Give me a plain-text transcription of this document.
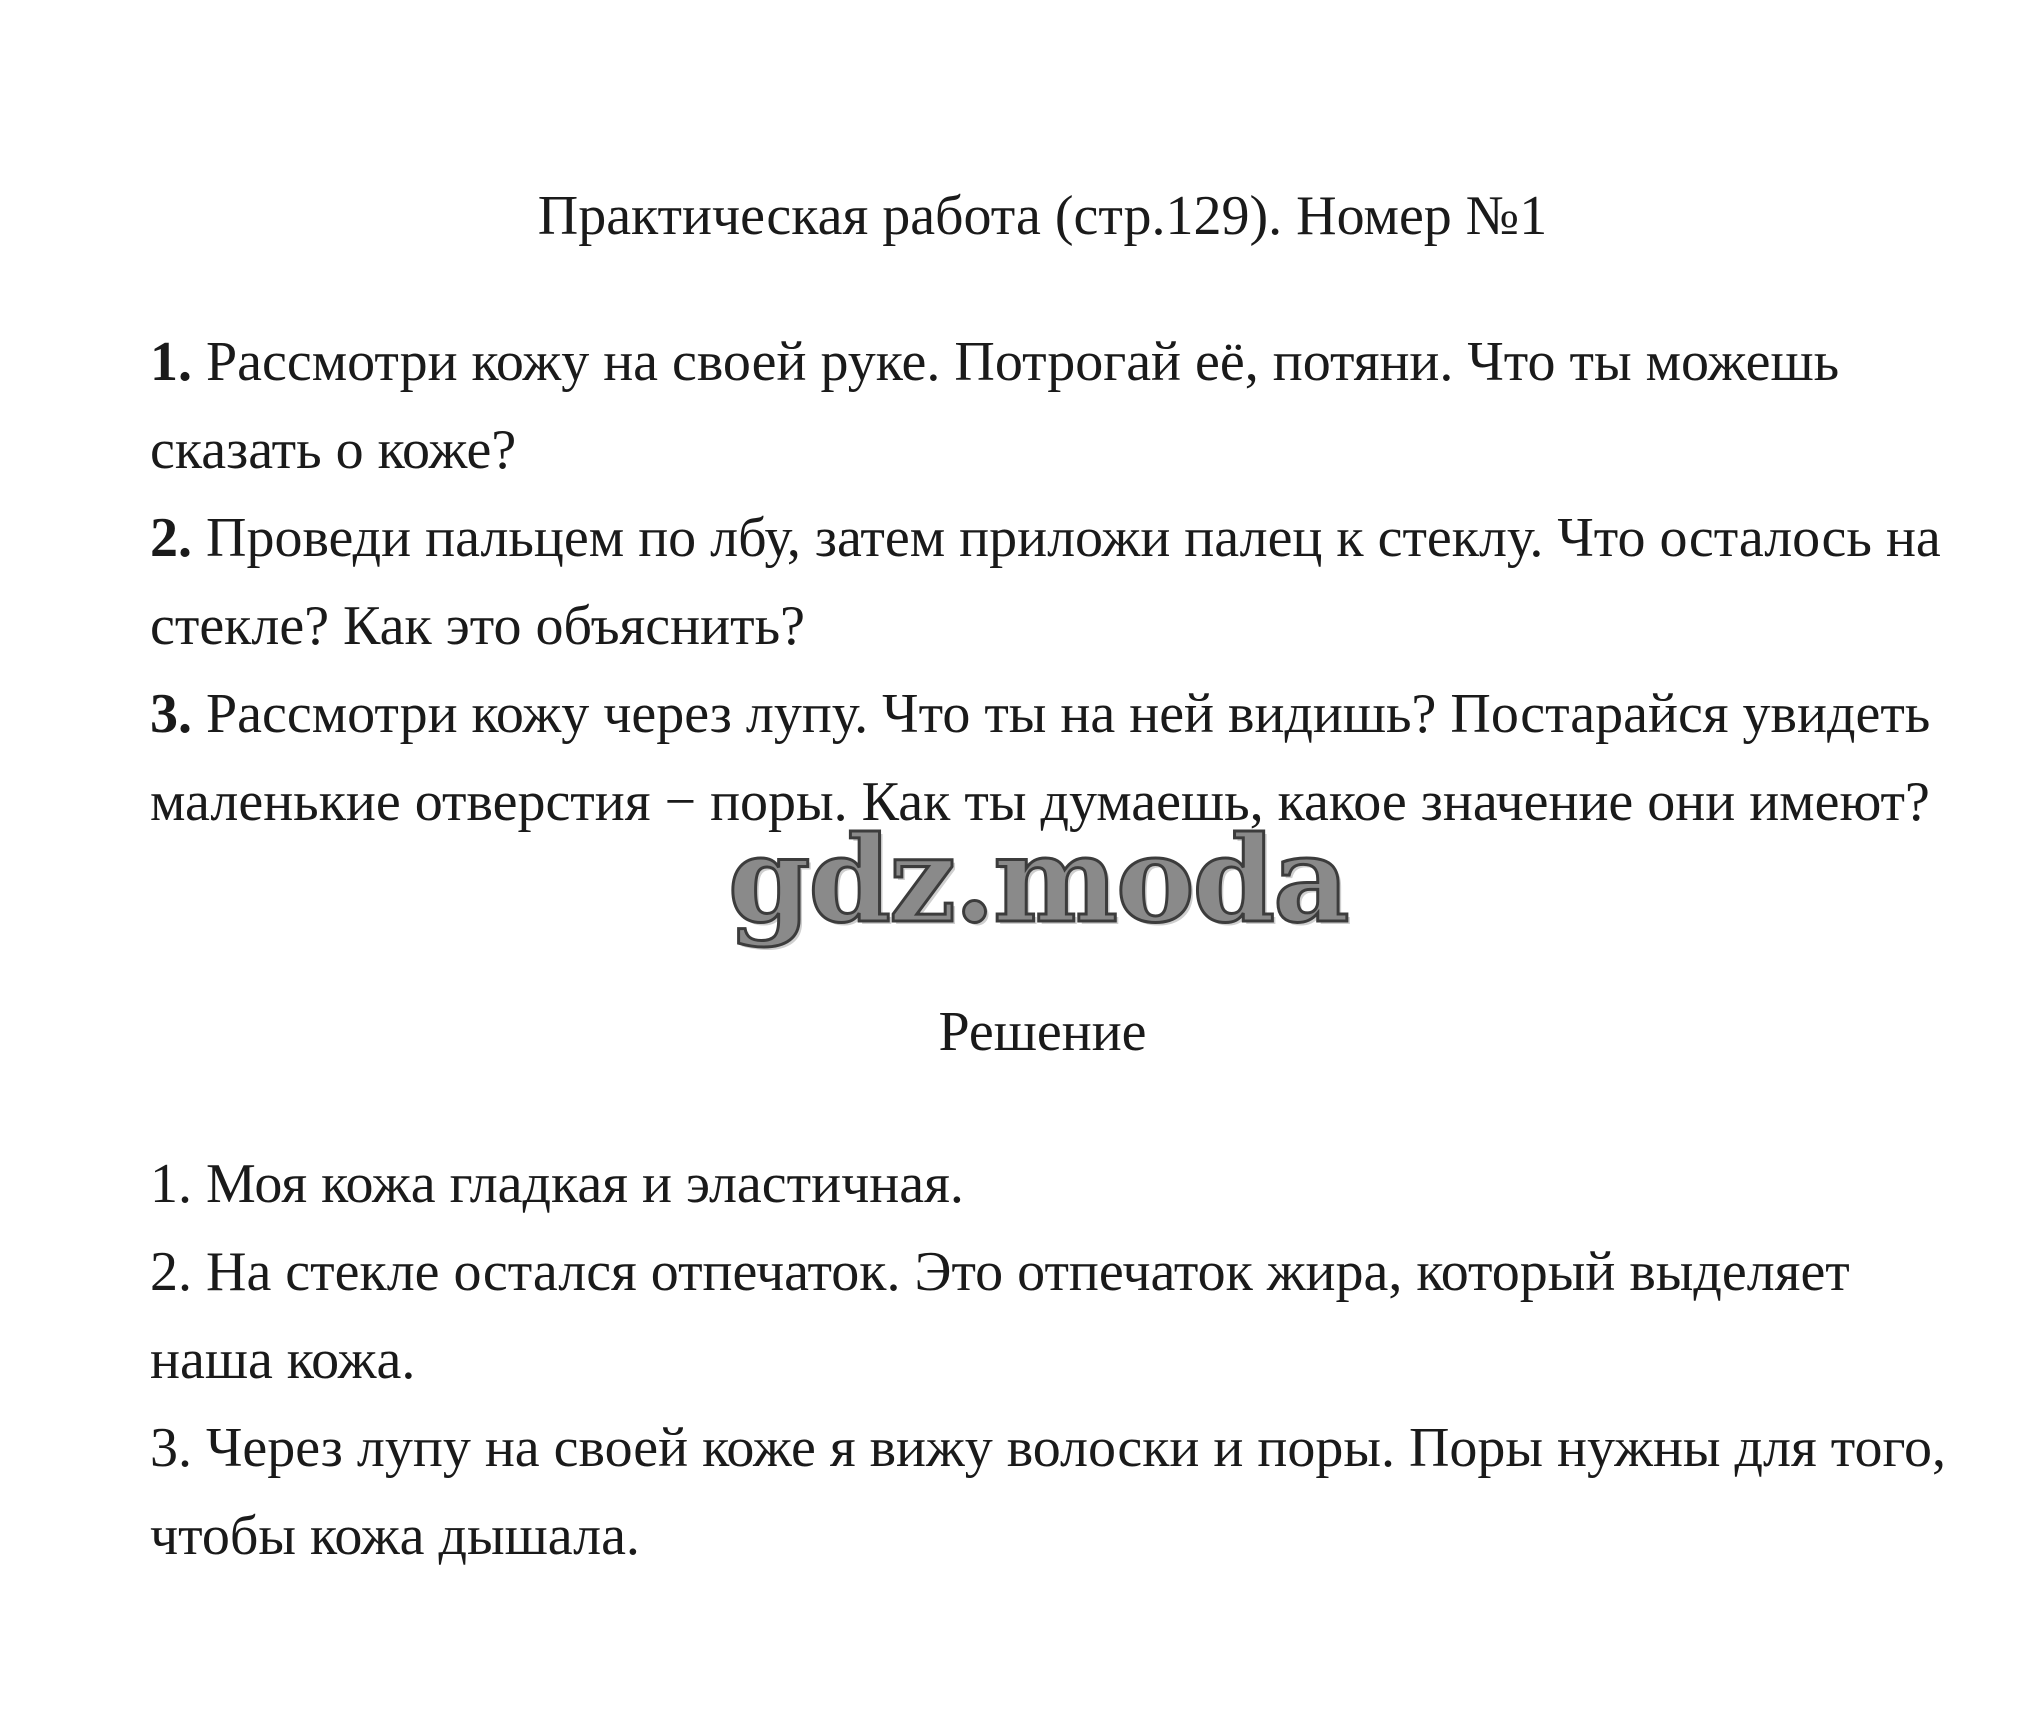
Практическая работа (стр.129). Номер №1

1. Рассмотри кожу на своей руке. Потрогай её, потяни. Что ты можешь сказать о коже?

2. Проведи пальцем по лбу, затем приложи палец к стеклу. Что осталось на стекле? Как это объяснить?

3. Рассмотри кожу через лупу. Что ты на ней видишь? Постарайся увидеть маленькие отверстия − поры. Как ты думаешь, какое значение они имеют?

gdz.moda
Решение

1. Моя кожа гладкая и эластичная.

2. На стекле остался отпечаток. Это отпечаток жира, который выделяет наша кожа.

3. Через лупу на своей коже я вижу волоски и поры. Поры нужны для того, чтобы кожа дышала.
